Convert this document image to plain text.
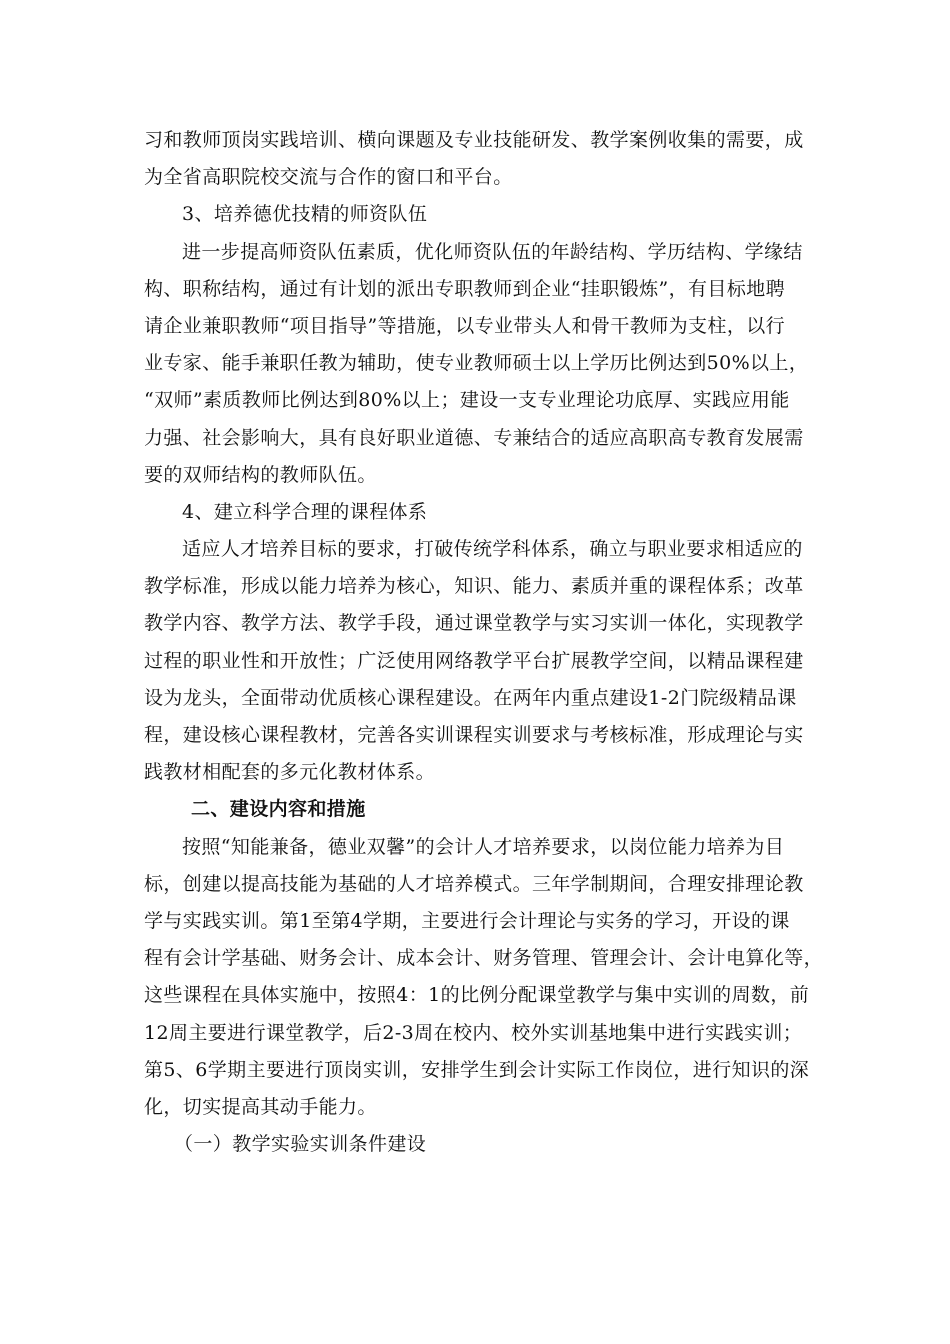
习和教师顶岗实践培训、横向课题及专业技能研发、教学案例收集的需要，成
为全省高职院校交流与合作的窗口和平台。
3、培养德优技精的师资队伍
进一步提高师资队伍素质，优化师资队伍的年龄结构、学历结构、学缘结
构、职称结构，通过有计划的派出专职教师到企业“挂职锻炼”，有目标地聘
请企业兼职教师“项目指导”等措施，以专业带头人和骨干教师为支柱，以行
业专家、能手兼职任教为辅助，使专业教师硕士以上学历比例达到50%以上，
“双师”素质教师比例达到80%以上；建设一支专业理论功底厚、实践应用能
力强、社会影响大，具有良好职业道德、专兼结合的适应高职高专教育发展需
要的双师结构的教师队伍。
4、建立科学合理的课程体系
适应人才培养目标的要求，打破传统学科体系，确立与职业要求相适应的
教学标准，形成以能力培养为核心，知识、能力、素质并重的课程体系；改革
教学内容、教学方法、教学手段，通过课堂教学与实习实训一体化，实现教学
过程的职业性和开放性；广泛使用网络教学平台扩展教学空间，以精品课程建
设为龙头，全面带动优质核心课程建设。在两年内重点建设1-2门院级精品课
程，建设核心课程教材，完善各实训课程实训要求与考核标准，形成理论与实
践教材相配套的多元化教材体系。
二、建设内容和措施
按照“知能兼备，德业双馨”的会计人才培养要求，以岗位能力培养为目
标，创建以提高技能为基础的人才培养模式。三年学制期间，合理安排理论教
学与实践实训。第1至第4学期，主要进行会计理论与实务的学习，开设的课
程有会计学基础、财务会计、成本会计、财务管理、管理会计、会计电算化等，
这些课程在具体实施中，按照4：1的比例分配课堂教学与集中实训的周数，前
12周主要进行课堂教学，后2-3周在校内、校外实训基地集中进行实践实训；
第5、6学期主要进行顶岗实训，安排学生到会计实际工作岗位，进行知识的深
化，切实提高其动手能力。
（一）教学实验实训条件建设
